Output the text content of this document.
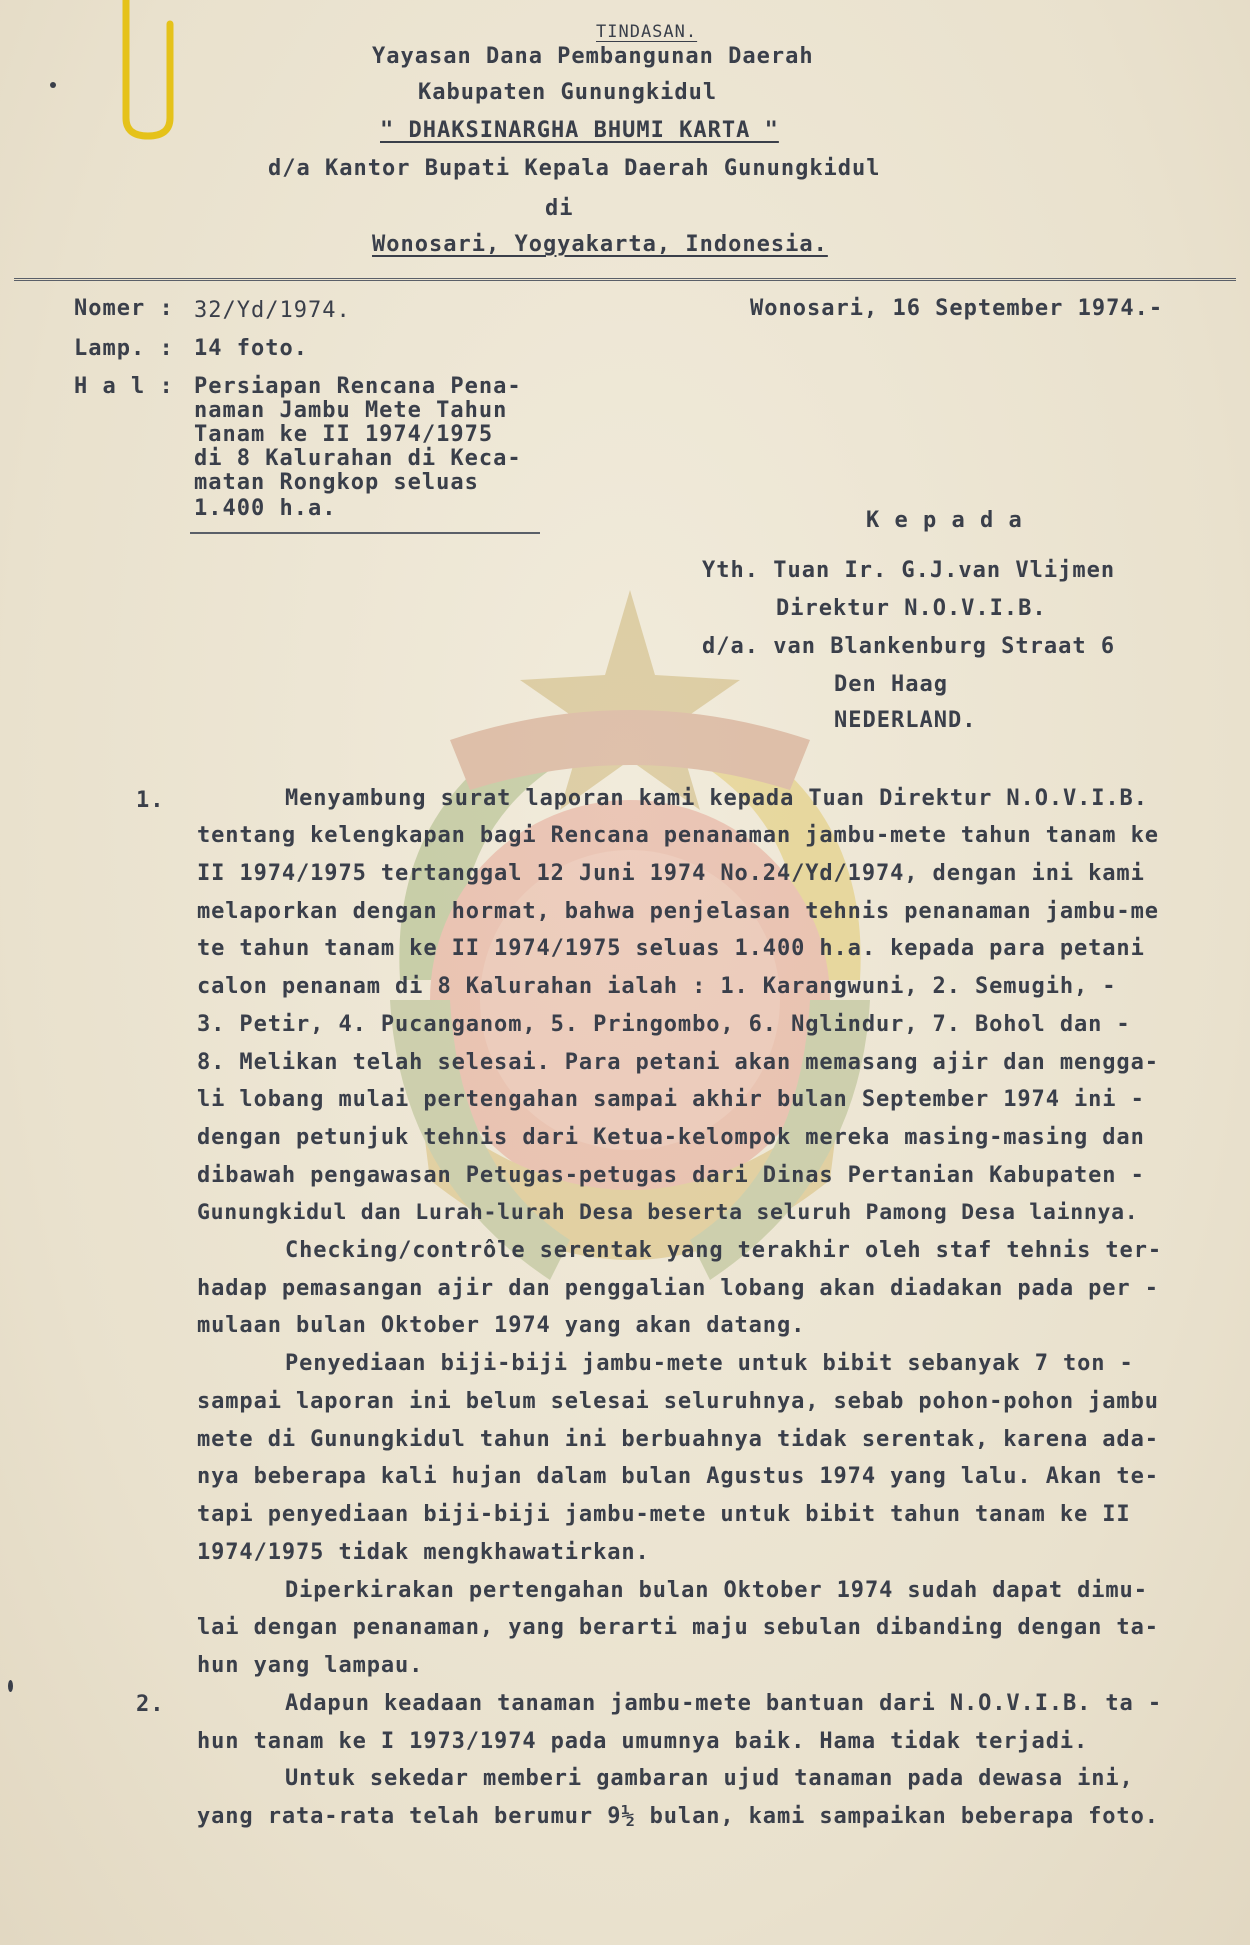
TINDASAN.
Yayasan Dana Pembangunan Daerah
Kabupaten Gunungkidul
" DHAKSINARGHA BHUMI KARTA "
d/a Kantor Bupati Kepala Daerah Gunungkidul
di
Wonosari, Yogyakarta, Indonesia.
Nomer : 32/Yd/1974.	Wonosari, 16 September 1974.-
Lamp. : 14 foto.
H a l : Persiapan Rencana Pena-
naman Jambu Mete Tahun
Tanam ke II 1974/1975
di 8 Kalurahan di Keca-
matan Rongkop seluas
1.400 h.a.	K e p a d a
Yth. Tuan Ir. G.J.van Vlijmen
Direktur N.O.V.I.B.
d/a. van Blankenburg Straat 6
Den Haag
NEDERLAND.
1.	Menyambung surat laporan kami kepada Tuan Direktur N.O.V.I.B.
tentang kelengkapan bagi Rencana penanaman jambu-mete tahun tanam ke
II 1974/1975 tertanggal 12 Juni 1974 No.24/Yd/1974, dengan ini kami
melaporkan dengan hormat, bahwa penjelasan tehnis penanaman jambu-me
te tahun tanam ke II 1974/1975 seluas 1.400 h.a. kepada para petani
calon penanam di 8 Kalurahan ialah : 1. Karangwuni, 2. Semugih, -
3. Petir, 4. Pucanganom, 5. Pringombo, 6. Nglindur, 7. Bohol dan -
8. Melikan telah selesai. Para petani akan memasang ajir dan mengga-
li lobang mulai pertengahan sampai akhir bulan September 1974 ini -
dengan petunjuk tehnis dari Ketua-kelompok mereka masing-masing dan
dibawah pengawasan Petugas-petugas dari Dinas Pertanian Kabupaten -
Gunungkidul dan Lurah-lurah Desa beserta seluruh Pamong Desa lainnya.
Checking/contrôle serentak yang terakhir oleh staf tehnis ter-
hadap pemasangan ajir dan penggalian lobang akan diadakan pada per -
mulaan bulan Oktober 1974 yang akan datang.
Penyediaan biji-biji jambu-mete untuk bibit sebanyak 7 ton -
sampai laporan ini belum selesai seluruhnya, sebab pohon-pohon jambu
mete di Gunungkidul tahun ini berbuahnya tidak serentak, karena ada-
nya beberapa kali hujan dalam bulan Agustus 1974 yang lalu. Akan te-
tapi penyediaan biji-biji jambu-mete untuk bibit tahun tanam ke II
1974/1975 tidak mengkhawatirkan.
Diperkirakan pertengahan bulan Oktober 1974 sudah dapat dimu-
lai dengan penanaman, yang berarti maju sebulan dibanding dengan ta-
hun yang lampau.
2.	Adapun keadaan tanaman jambu-mete bantuan dari N.O.V.I.B. ta -
hun tanam ke I 1973/1974 pada umumnya baik. Hama tidak terjadi.
Untuk sekedar memberi gambaran ujud tanaman pada dewasa ini,
yang rata-rata telah berumur 9½ bulan, kami sampaikan beberapa foto.
